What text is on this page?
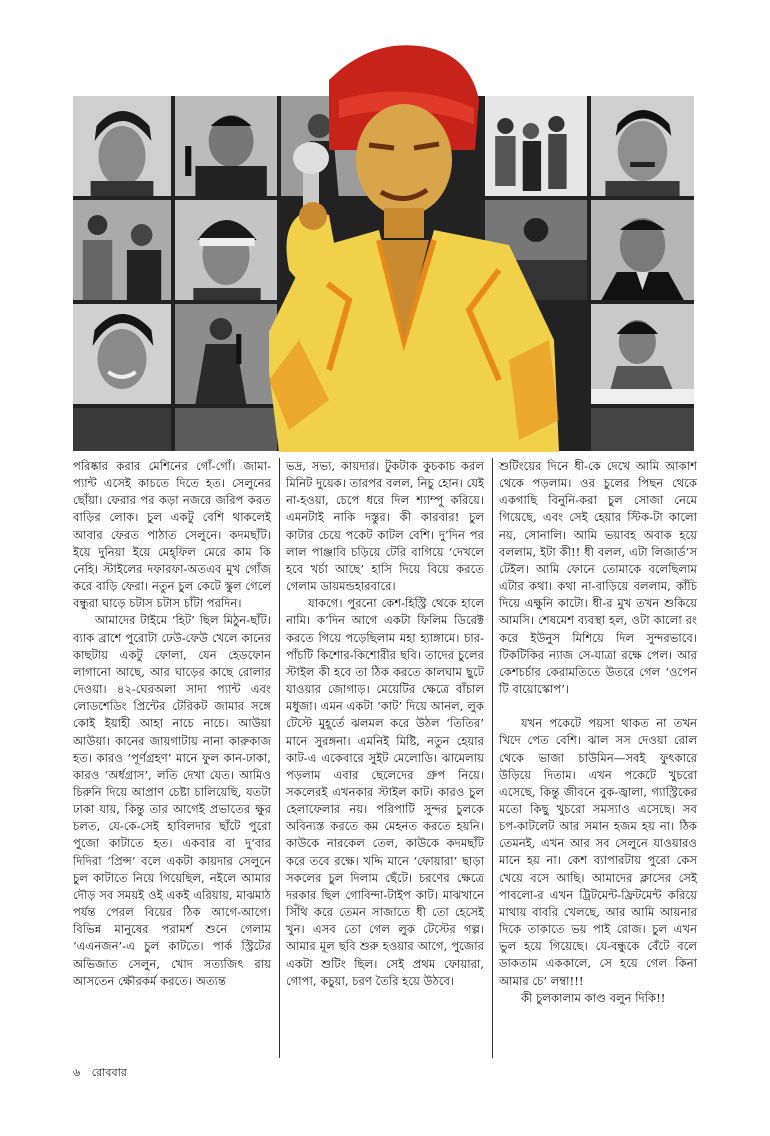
পরিষ্কার করার মেশিনের গোঁ-গোঁ। জামা-প্যান্ট এসেই কাচতে দিতে হত। সেলুনের ছোঁয়া। ফেরার পর কড়া নজরে জরিপ করত বাড়ির লোক। চুল একটু বেশি থাকলেই আবার ফেরত পাঠাত সেলুনে। কদমছাঁট। ইয়ে দুনিয়া ইয়ে মেহ্‌ফিল মেরে কাম কি নেহি। স্টাইলের দফারফা-অতএব মুখ গোঁজ করে বাড়ি ফেরা। নতুন চুল কেটে স্কুল গেলে বন্ধুরা ঘাড়ে চটাস চটাস চাঁটা পরদিন।

আমাদের টাইমে ‘হিট’ ছিল মিঠুন-ছাঁট। ব্যাক ব্রাশে পুরোটা ঢেউ-ফেউ খেলে কানের কাছটায় একটু ফোলা, যেন হেডফোন লাগানো আছে, আর ঘাড়ের কাছে রোলার দেওয়া। ৪২-ঘেরঅলা সাদা প্যান্ট এবং লোডশেডিং প্রিন্টের টেরিকট জামার সঙ্গে কোই ইয়াহী আহা নাচে নাচে। আউয়া আউয়া। কানের জায়গাটায় নানা কারুকাজ হত। কারও ‘পূর্ণগ্রহণ’ মানে ফুল কান-ঢাকা, কারও ‘অর্ধগ্রাস’, লতি দেখা যেত। আমিও চিরুনি দিয়ে আপ্রাণ চেষ্টা চালিয়েছি, যতটা ঢাকা যায়, কিন্তু তার আগেই প্রভাতের ক্ষুর চলত, যে-কে-সেই হাবিলদার ছাঁটে পুরো পুজো কাটাতে হত। একবার বা দু’বার দিদিরা ‘প্রিন্স’ বলে একটা কায়দার সেলুনে চুল কাটাতে নিয়ে গিয়েছিল, নইলে আমার দৌড় সব সময়ই ওই একই এরিয়ায়, মাঝমাঠ পর্যন্ত পেরল বিয়ের ঠিক আগে-আগে। বিভিন্ন মানুষের পরামর্শ শুনে গেলাম ‘এএনজন’-এ চুল কাটতে। পার্ক স্ট্রিটের অভিজাত সেলুন, খোদ সত্যজিৎ রায় আসতেন ক্ষৌরকর্ম করতে। অত্যন্ত

ভদ্র, সভ্য, কায়দার। টুকটাক কুচকাচ করল মিনিট দুয়েক। তারপর বলল, নিচু হোন। যেই না-হওয়া, চেপে ধরে দিল শ্যাম্পু করিয়ে। এমনটাই নাকি দস্তুর। কী কারবার! চুল কাটার চেয়ে পকেট কাটল বেশি। দু’দিন পর লাল পাঞ্জাবি চড়িয়ে টেরি বাগিয়ে ‘দেখলে হবে খর্চা আছে’ হাসি দিয়ে বিয়ে করতে গেলাম ডায়মন্ডহারবারে।

যাকগে। পুরনো কেশ-হিস্ট্রি থেকে হালে নামি। ক’দিন আগে একটা ফিলিম ডিরেক্ট করতে গিয়ে পড়েছিলাম মহা হ্যাঙ্গামে। চার-পাঁচটি কিশোর-কিশোরীর ছবি। তাদের চুলের স্টাইল কী হবে তা ঠিক করতে কালঘাম ছুটে যাওয়ার জোগাড়। মেয়েটির ক্ষেত্রে বাঁচাল মধুজা। এমন একটা ‘কাট’ দিয়ে আনল, লুক টেস্টে মুহূর্তে ঝলমল করে উঠল ‘তিতির’ মানে সুরঙ্গনা। এমনিই মিষ্টি, নতুন হেয়ার কাট-এ একেবারে সুইট মেলোডি। ঝামেলায় পড়লাম এবার ছেলেদের গ্রুপ নিয়ে। সকলেরই এখনকার স্টাইল কাট। কারও চুল হেলাফেলার নয়। পরিপাটি সুন্দর চুলকে অবিন্যস্ত করতে কম মেহনত করতে হয়নি। কাউকে নারকেল তেল, কাউকে কদমছাঁট করে তবে রক্ষে। খদ্দি মানে ‘ফোয়ারা’ ছাড়া সকলের চুল দিলাম ছেঁটে। চরণের ক্ষেত্রে দরকার ছিল গোবিন্দা-টাইপ কাট। মাঝখানে সিঁথি করে তেমন সাজাতে ধী তো হেসেই খুন। এসব তো গেল লুক টেস্টের গল্প। আমার মূল ছবি শুরু হওয়ার আগে, পুজোর একটা শুটিং ছিল। সেই প্রথম ফোয়ারা, গোপা, কচুয়া, চরণ তৈরি হয়ে উঠবে।

শুটিংয়ের দিনে ধী-কে দেখে আমি আকাশ থেকে পড়লাম। ওর চুলের পিছন থেকে একগাছি বিনুনি-করা চুল সোজা নেমে গিয়েছে, এবং সেই হেয়ার স্টিক-টা কালো নয়, সোনালি। আমি ভয়াবহ অবাক হয়ে বললাম, ইটা কী!! ধী বলল, এটা লিজার্ড’স টেইল। আমি ফোনে তোমাকে বলেছিলাম এটার কথা। কথা না-বাড়িয়ে বললাম, কাঁচি দিয়ে এক্ষুনি কাটো। ধী-র মুখ তখন শুকিয়ে আমসি। শেষমেশ ব্যবস্থা হল, ওটা কালো রং করে ইউনুস মিশিয়ে দিল সুন্দরভাবে। টিকটিকির ন্যাজ সে-যাত্রা রক্ষে পেল। আর কেশচর্চার কেরামতিতে উতরে গেল ‘ওপেন টি বায়োস্কোপ’।

যখন পকেটে পয়সা থাকত না তখন খিদে পেত বেশি। ঝাল সস দেওয়া রোল থেকে ভাজা চাউমিন—সবই ফুৎকারে উড়িয়ে দিতাম। এখন পকেটে খুচরো এসেছে, কিন্তু জীবনে বুক-জ্বালা, গ্যাস্ট্রিকের মতো কিছু খুচরো সমস্যাও এসেছে। সব চপ-কাটলেট আর সমান হজম হয় না। ঠিক তেমনই, এখন আর সব সেলুনে যাওয়ারও মানে হয় না। কেশ ব্যাপারটায় পুরো কেস খেয়ে বসে আছি। আমাদের ক্লাসের সেই পাবলো-র এখন ট্রিটমেন্ট-ফ্রিটমেন্ট করিয়ে মাথায় বাবরি খেলছে, আর আমি আয়নার দিকে তাকাতে ভয় পাই রোজ। চুল এখন ভুল হয়ে গিয়েছে। যে-বন্ধুকে বেঁটে বলে ডাকতাম এককালে, সে হয়ে গেল কিনা আমার চে’ লম্বা!!!

কী চুলকালাম কাণ্ড বলুন দিকি!!

৬ রোববার
